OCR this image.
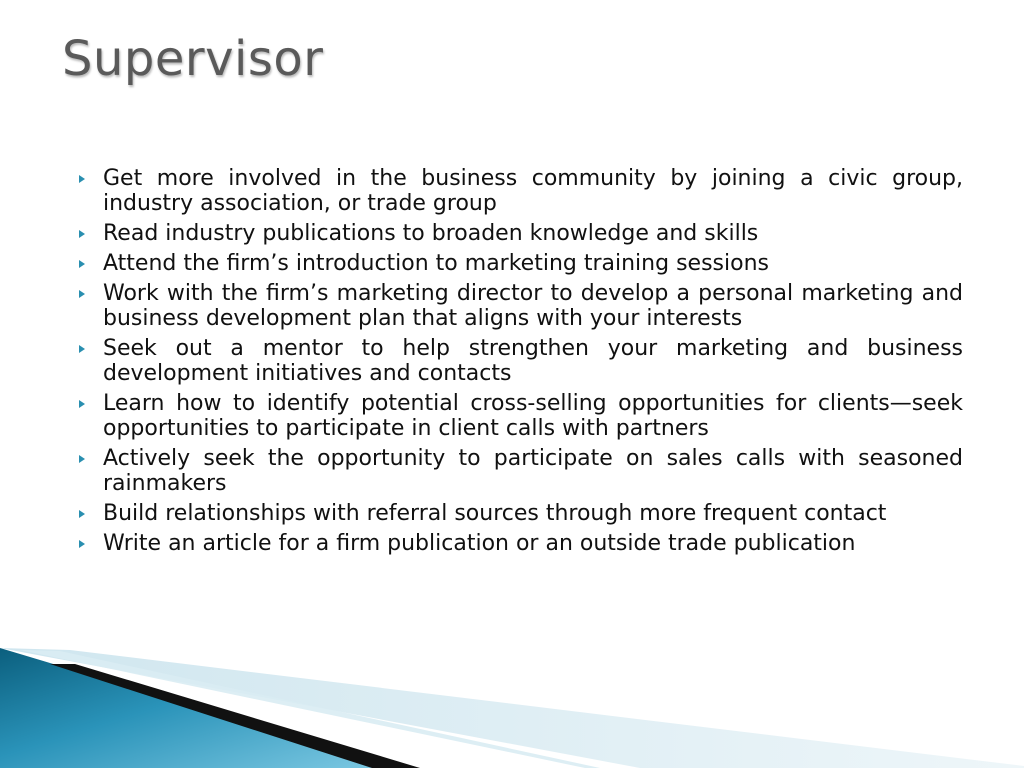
Supervisor
Get more involved in the business community by joining a civic group, industry association, or trade group
Read industry publications to broaden knowledge and skills
Attend the firm’s introduction to marketing training sessions
Work with the firm’s marketing director to develop a personal marketing and business development plan that aligns with your interests
Seek out a mentor to help strengthen your marketing and business development initiatives and contacts
Learn how to identify potential cross-selling opportunities for clients—seek opportunities to participate in client calls with partners
Actively seek the opportunity to participate on sales calls with seasoned rainmakers
Build relationships with referral sources through more frequent contact
Write an article for a firm publication or an outside trade publication
